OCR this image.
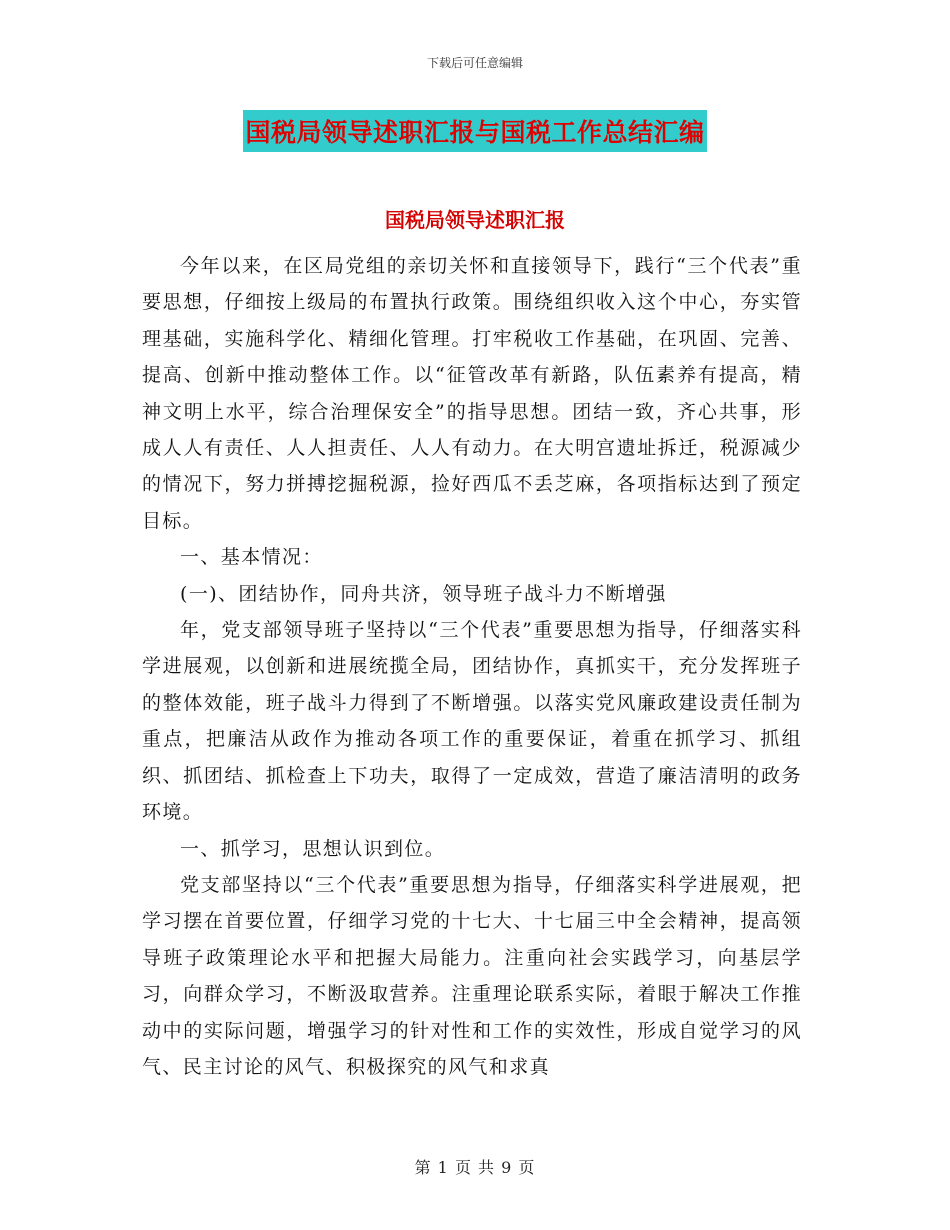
下载后可任意编辑
国税局领导述职汇报与国税工作总结汇编
国税局领导述职汇报

今年以来，在区局党组的亲切关怀和直接领导下，践行“三个代表”重要思想，仔细按上级局的布置执行政策。围绕组织收入这个中心，夯实管理基础，实施科学化、精细化管理。打牢税收工作基础，在巩固、完善、提高、创新中推动整体工作。以“征管改革有新路，队伍素养有提高，精神文明上水平，综合治理保安全”的指导思想。团结一致，齐心共事，形成人人有责任、人人担责任、人人有动力。在大明宫遗址拆迁，税源减少的情况下，努力拼搏挖掘税源，捡好西瓜不丢芝麻，各项指标达到了预定目标。

一、基本情况：

(一)、团结协作，同舟共济，领导班子战斗力不断增强

年，党支部领导班子坚持以“三个代表”重要思想为指导，仔细落实科学进展观，以创新和进展统揽全局，团结协作，真抓实干，充分发挥班子的整体效能，班子战斗力得到了不断增强。以落实党风廉政建设责任制为重点，把廉洁从政作为推动各项工作的重要保证，着重在抓学习、抓组织、抓团结、抓检查上下功夫，取得了一定成效，营造了廉洁清明的政务环境。

一、抓学习，思想认识到位。

党支部坚持以“三个代表”重要思想为指导，仔细落实科学进展观，把学习摆在首要位置，仔细学习党的十七大、十七届三中全会精神，提高领导班子政策理论水平和把握大局能力。注重向社会实践学习，向基层学习，向群众学习，不断汲取营养。注重理论联系实际，着眼于解决工作推动中的实际问题，增强学习的针对性和工作的实效性，形成自觉学习的风气、民主讨论的风气、积极探究的风气和求真

第 1 页 共 9 页
